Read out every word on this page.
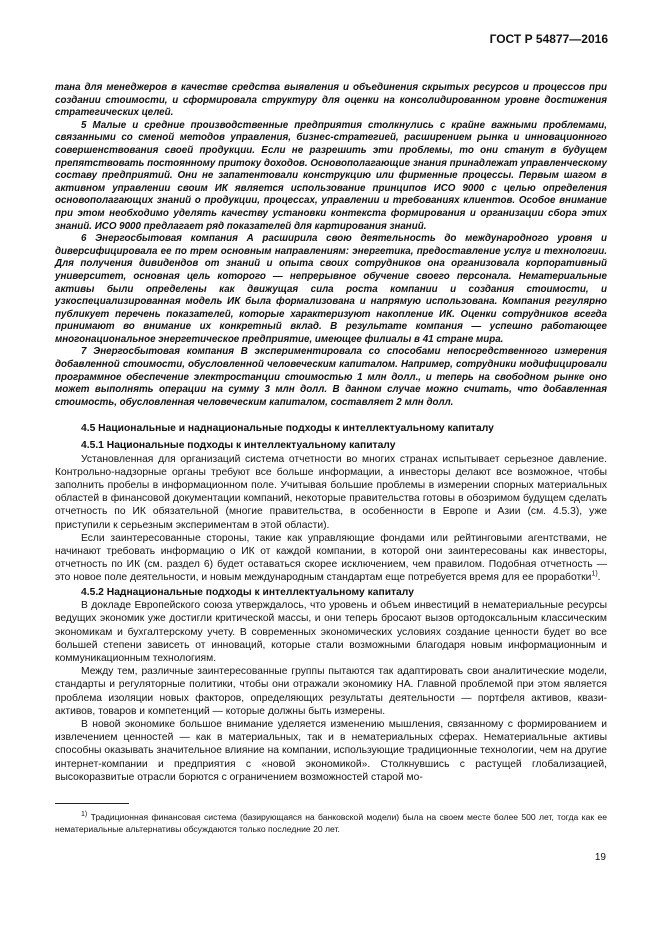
ГОСТ Р 54877—2016

тана для менеджеров в качестве средства выявления и объединения скрытых ресурсов и процессов при создании стоимости, и сформировала структуру для оценки на консолидированном уровне достижения стратегических целей.

5 Малые и средние производственные предприятия столкнулись с крайне важными проблемами, связанными со сменой методов управления, бизнес-стратегией, расширением рынка и инновационного совершенствования своей продукции. Если не разрешить эти проблемы, то они станут в будущем препятствовать постоянному притоку доходов. Основополагающие знания принадлежат управленческому составу предприятий. Они не запатентовали конструкцию или фирменные процессы. Первым шагом в активном управлении своим ИК является использование принципов ИСО 9000 с целью определения основополагающих знаний о продукции, процессах, управлении и требованиях клиентов. Особое внимание при этом необходимо уделять качеству установки контекста формирования и организации сбора этих знаний. ИСО 9000 предлагает ряд показателей для картирования знаний.

6 Энергосбытовая компания А расширила свою деятельность до международного уровня и диверсифицировала ее по трем основным направлениям: энергетика, предоставление услуг и технологии. Для получения дивидендов от знаний и опыта своих сотрудников она организовала корпоративный университет, основная цель которого — непрерывное обучение своего персонала. Нематериальные активы были определены как движущая сила роста компании и создания стоимости, и узкоспециализированная модель ИК была формализована и напрямую использована. Компания регулярно публикует перечень показателей, которые характеризуют накопление ИК. Оценки сотрудников всегда принимают во внимание их конкретный вклад. В результате компания — успешно работающее многонациональное энергетическое предприятие, имеющее филиалы в 41 стране мира.

7 Энергосбытовая компания В экспериментировала со способами непосредственного измерения добавленной стоимости, обусловленной человеческим капиталом. Например, сотрудники модифицировали программное обеспечение электростанции стоимостью 1 млн долл., и теперь на свободном рынке оно может выполнять операции на сумму 3 млн долл. В данном случае можно считать, что добавленная стоимость, обусловленная человеческим капиталом, составляет 2 млн долл.

4.5 Национальные и наднациональные подходы к интеллектуальному капиталу

4.5.1 Национальные подходы к интеллектуальному капиталу

Установленная для организаций система отчетности во многих странах испытывает серьезное давление. Контрольно-надзорные органы требуют все больше информации, а инвесторы делают все возможное, чтобы заполнить пробелы в информационном поле. Учитывая большие проблемы в измерении спорных материальных областей в финансовой документации компаний, некоторые правительства готовы в обозримом будущем сделать отчетность по ИК обязательной (многие правительства, в особенности в Европе и Азии (см. 4.5.3), уже приступили к серьезным экспериментам в этой области).

Если заинтересованные стороны, такие как управляющие фондами или рейтинговыми агентствами, не начинают требовать информацию о ИК от каждой компании, в которой они заинтересованы как инвесторы, отчетность по ИК (см. раздел 6) будет оставаться скорее исключением, чем правилом. Подобная отчетность — это новое поле деятельности, и новым международным стандартам еще потребуется время для ее проработки$^{1)}$.

4.5.2 Наднациональные подходы к интеллектуальному капиталу

В докладе Европейского союза утверждалось, что уровень и объем инвестиций в нематериальные ресурсы ведущих экономик уже достигли критической массы, и они теперь бросают вызов ортодоксальным классическим экономикам и бухгалтерскому учету. В современных экономических условиях создание ценности будет во все большей степени зависеть от инноваций, которые стали возможными благодаря новым информационным и коммуникационным технологиям.

Между тем, различные заинтересованные группы пытаются так адаптировать свои аналитические модели, стандарты и регуляторные политики, чтобы они отражали экономику НА. Главной проблемой при этом является проблема изоляции новых факторов, определяющих результаты деятельности — портфеля активов, квази-активов, товаров и компетенций — которые должны быть измерены.

В новой экономике большое внимание уделяется изменению мышления, связанному с формированием и извлечением ценностей — как в материальных, так и в нематериальных сферах. Нематериальные активы способны оказывать значительное влияние на компании, использующие традиционные технологии, чем на другие интернет-компании и предприятия с «новой экономикой». Столкнувшись с растущей глобализацией, высокоразвитые отрасли борются с ограничением возможностей старой мо-

$^{1)}$ Традиционная финансовая система (базирующаяся на банковской модели) была на своем месте более 500 лет, тогда как ее нематериальные альтернативы обсуждаются только последние 20 лет.
19
